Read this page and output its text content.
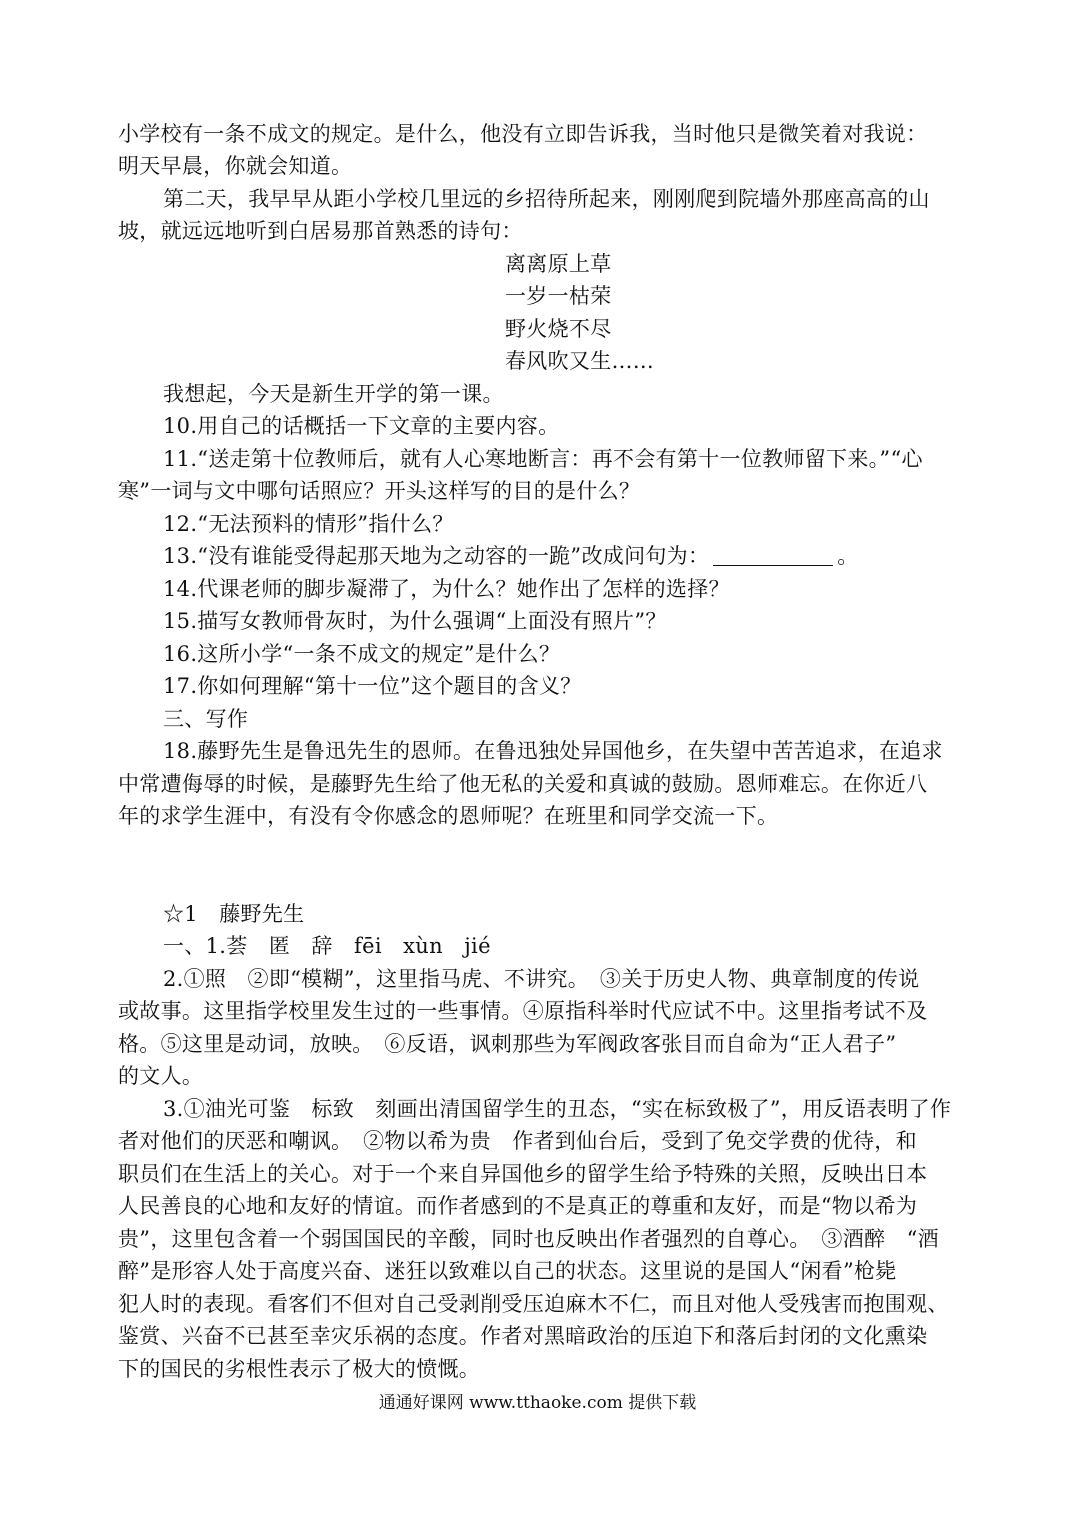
小学校有一条不成文的规定。是什么，他没有立即告诉我，当时他只是微笑着对我说：
明天早晨，你就会知道。
第二天，我早早从距小学校几里远的乡招待所起来，刚刚爬到院墙外那座高高的山
坡，就远远地听到白居易那首熟悉的诗句：
离离原上草
一岁一枯荣
野火烧不尽
春风吹又生……
我想起，今天是新生开学的第一课。
10.用自己的话概括一下文章的主要内容。
11.“送走第十位教师后，就有人心寒地断言：再不会有第十一位教师留下来。”“心
寒”一词与文中哪句话照应？开头这样写的目的是什么？
12.“无法预料的情形”指什么？
13.“没有谁能受得起那天地为之动容的一跪”改成问句为：	。
14.代课老师的脚步凝滞了，为什么？她作出了怎样的选择？
15.描写女教师骨灰时，为什么强调“上面没有照片”？
16.这所小学“一条不成文的规定”是什么？
17.你如何理解“第十一位”这个题目的含义？
三、写作
18.藤野先生是鲁迅先生的恩师。在鲁迅独处异国他乡，在失望中苦苦追求，在追求
中常遭侮辱的时候，是藤野先生给了他无私的关爱和真诚的鼓励。恩师难忘。在你近八
年的求学生涯中，有没有令你感念的恩师呢？在班里和同学交流一下。
☆1　藤野先生
一、1.荟　匿　辞　fēi　xùn　jié
2.①照　②即“模糊”，这里指马虎、不讲究。　③关于历史人物、典章制度的传说
或故事。这里指学校里发生过的一些事情。④原指科举时代应试不中。这里指考试不及
格。⑤这里是动词，放映。　⑥反语，讽刺那些为军阀政客张目而自命为“正人君子”
的文人。
3.①油光可鉴　标致　刻画出清国留学生的丑态，“实在标致极了”，用反语表明了作
者对他们的厌恶和嘲讽。　②物以希为贵　作者到仙台后，受到了免交学费的优待，和
职员们在生活上的关心。对于一个来自异国他乡的留学生给予特殊的关照，反映出日本
人民善良的心地和友好的情谊。而作者感到的不是真正的尊重和友好，而是“物以希为
贵”，这里包含着一个弱国国民的辛酸，同时也反映出作者强烈的自尊心。　③酒醉　“酒
醉”是形容人处于高度兴奋、迷狂以致难以自己的状态。这里说的是国人“闲看”枪毙
犯人时的表现。看客们不但对自己受剥削受压迫麻木不仁，而且对他人受残害而抱围观、
鉴赏、兴奋不已甚至幸灾乐祸的态度。作者对黑暗政治的压迫下和落后封闭的文化熏染
下的国民的劣根性表示了极大的愤慨。
通通好课网 www.tthaoke.com 提供下载
